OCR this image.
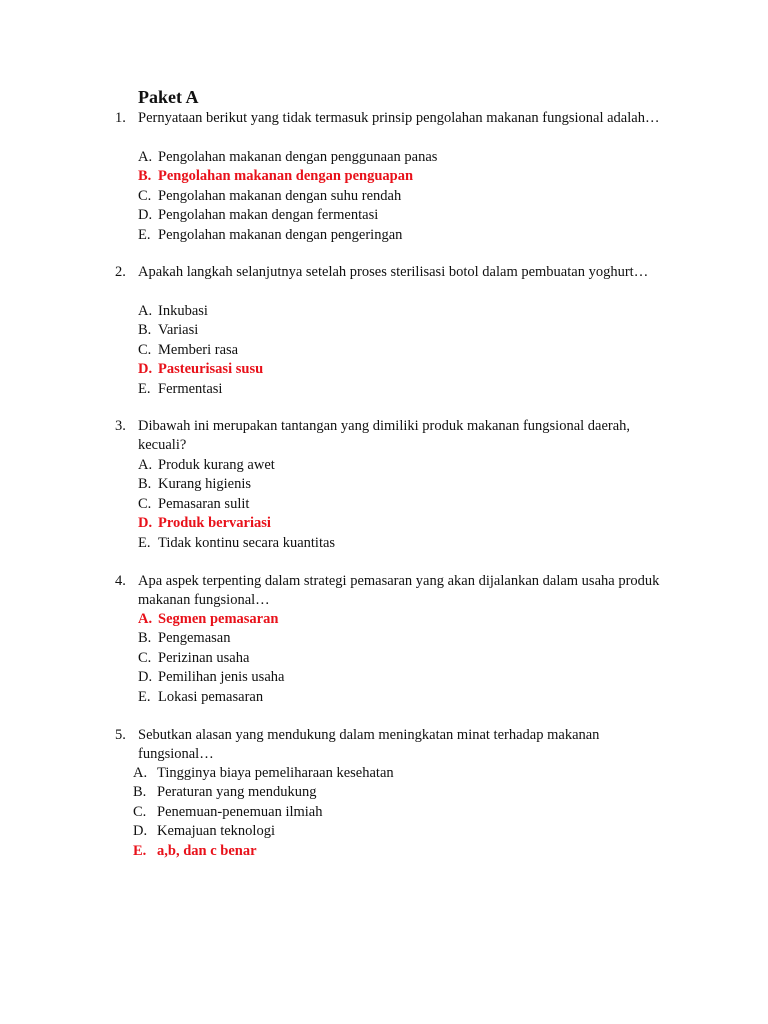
Paket A
1. Pernyataan berikut yang tidak termasuk prinsip pengolahan makanan fungsional adalah…
A. Pengolahan makanan dengan penggunaan panas
B. Pengolahan makanan dengan penguapan
C. Pengolahan makanan dengan suhu rendah
D. Pengolahan makan dengan fermentasi
E. Pengolahan makanan dengan pengeringan
2. Apakah langkah selanjutnya setelah proses sterilisasi botol dalam pembuatan yoghurt…
A. Inkubasi
B. Variasi
C. Memberi rasa
D. Pasteurisasi susu
E. Fermentasi
3. Dibawah ini merupakan tantangan yang dimiliki produk makanan fungsional daerah, kecuali?
A. Produk kurang awet
B. Kurang higienis
C. Pemasaran sulit
D. Produk bervariasi
E. Tidak kontinu secara kuantitas
4. Apa aspek terpenting dalam strategi pemasaran yang akan dijalankan dalam usaha produk makanan fungsional…
A. Segmen pemasaran
B. Pengemasan
C. Perizinan usaha
D. Pemilihan jenis usaha
E. Lokasi pemasaran
5. Sebutkan alasan yang mendukung dalam meningkatan minat terhadap makanan fungsional…
A. Tingginya biaya pemeliharaan kesehatan
B. Peraturan yang mendukung
C. Penemuan-penemuan ilmiah
D. Kemajuan teknologi
E. a,b, dan c benar
